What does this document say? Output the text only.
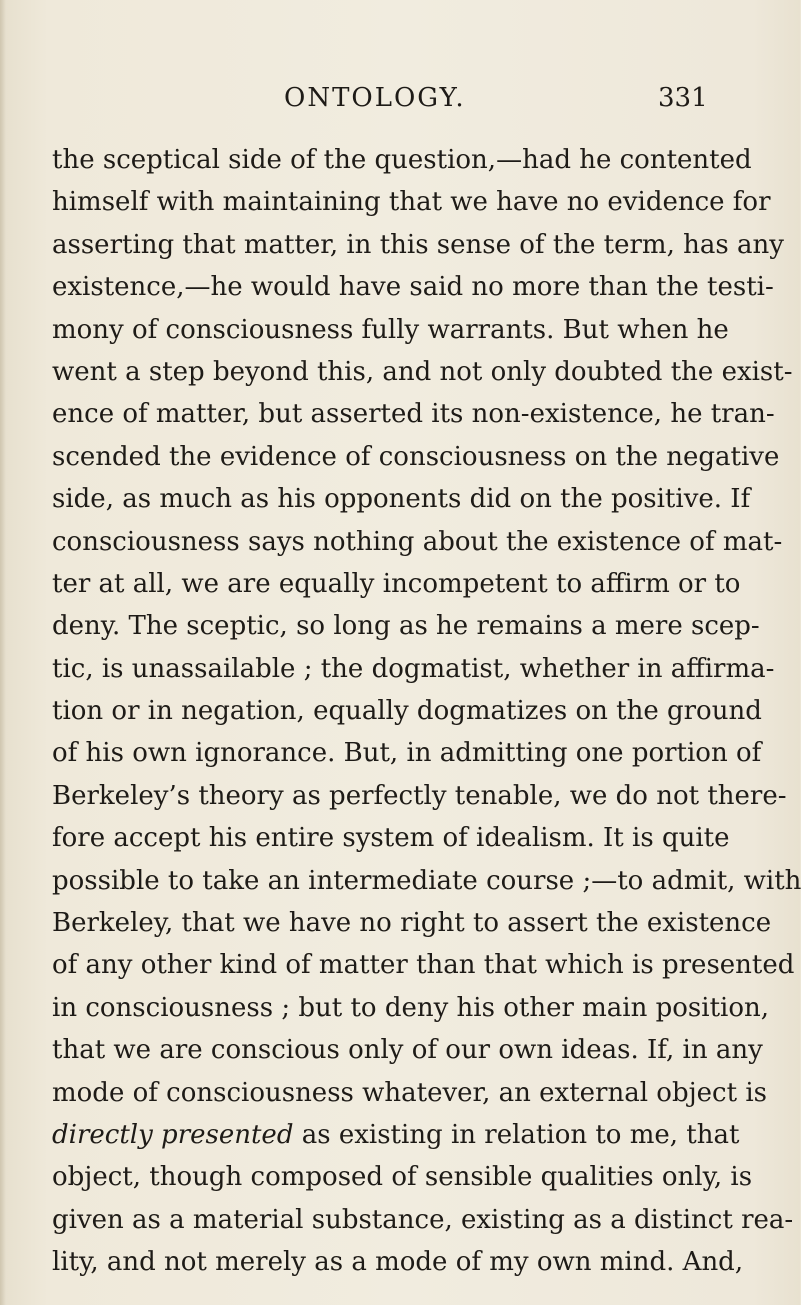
ONTOLOGY.	331
the sceptical side of the question,—had he contented
himself with maintaining that we have no evidence for
asserting that matter, in this sense of the term, has any
existence,—he would have said no more than the testi-
mony of consciousness fully warrants. But when he
went a step beyond this, and not only doubted the exist-
ence of matter, but asserted its non-existence, he tran-
scended the evidence of consciousness on the negative
side, as much as his opponents did on the positive. If
consciousness says nothing about the existence of mat-
ter at all, we are equally incompetent to affirm or to
deny. The sceptic, so long as he remains a mere scep-
tic, is unassailable ; the dogmatist, whether in affirma-
tion or in negation, equally dogmatizes on the ground
of his own ignorance. But, in admitting one portion of
Berkeley’s theory as perfectly tenable, we do not there-
fore accept his entire system of idealism. It is quite
possible to take an intermediate course ;—to admit, with
Berkeley, that we have no right to assert the existence
of any other kind of matter than that which is presented
in consciousness ; but to deny his other main position,
that we are conscious only of our own ideas. If, in any
mode of consciousness whatever, an external object is
directly presented as existing in relation to me, that
object, though composed of sensible qualities only, is
given as a material substance, existing as a distinct rea-
lity, and not merely as a mode of my own mind. And,
